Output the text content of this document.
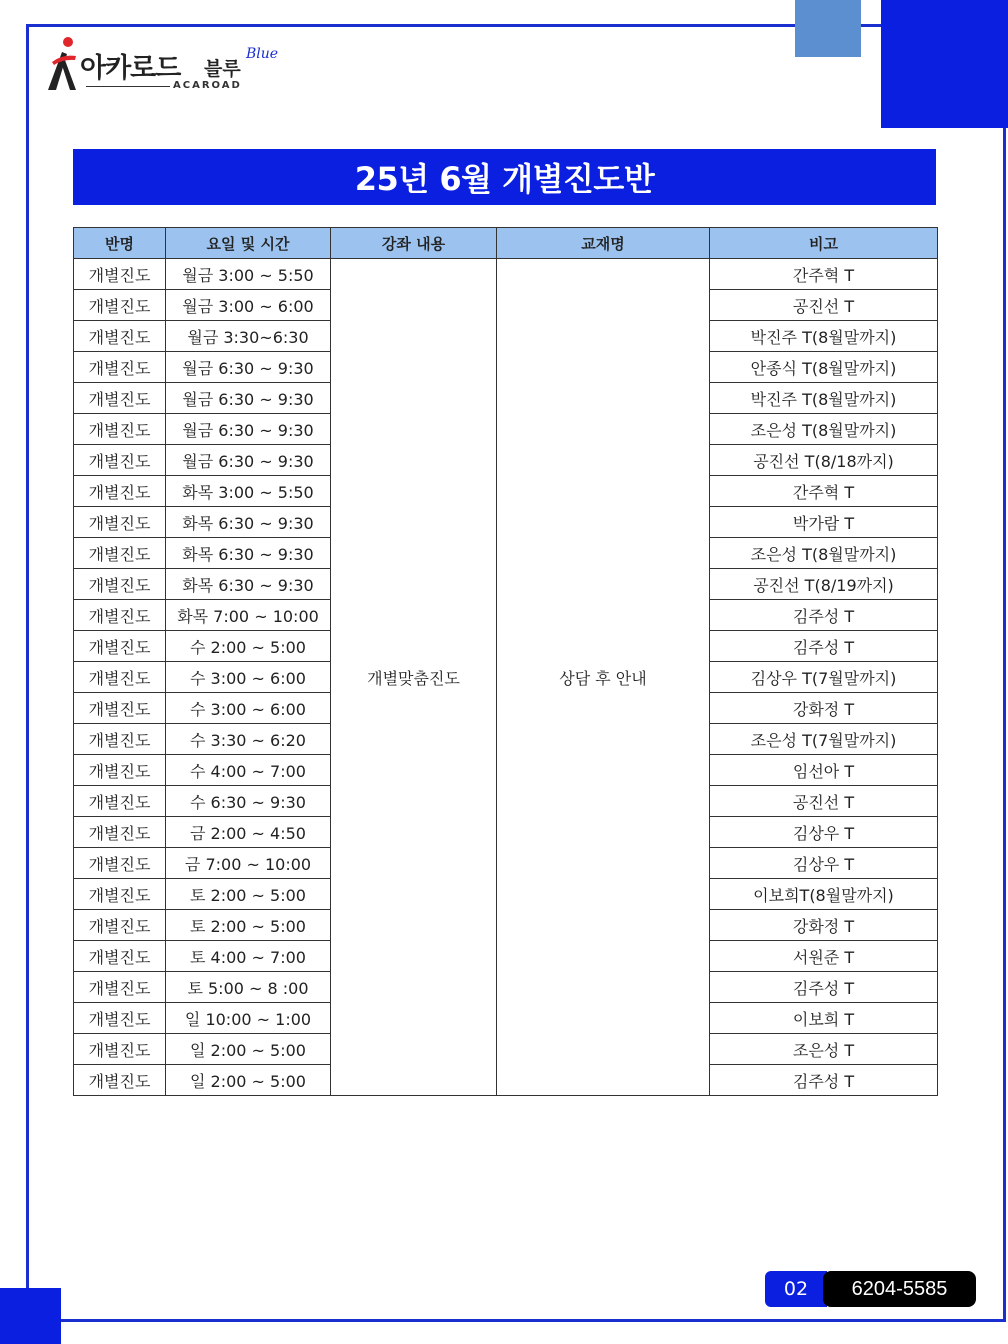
아카로드 블루
Blue
ACAROAD
25년 6월 개별진도반
반명	요일 및 시간	강좌 내용	교재명	비고
개별진도	월금 3:00 ~ 5:50	개별맞춤진도	상담 후 안내	간주혁 T
개별진도	월금 3:00 ~ 6:00			공진선 T
개별진도	월금 3:30~6:30			박진주 T(8월말까지)
개별진도	월금 6:30 ~ 9:30			안종식 T(8월말까지)
개별진도	월금 6:30 ~ 9:30			박진주 T(8월말까지)
개별진도	월금 6:30 ~ 9:30			조은성 T(8월말까지)
개별진도	월금 6:30 ~ 9:30			공진선 T(8/18까지)
개별진도	화목 3:00 ~ 5:50			간주혁 T
개별진도	화목 6:30 ~ 9:30			박가람 T
개별진도	화목 6:30 ~ 9:30			조은성 T(8월말까지)
개별진도	화목 6:30 ~ 9:30			공진선 T(8/19까지)
개별진도	화목 7:00 ~ 10:00			김주성 T
개별진도	수 2:00 ~ 5:00			김주성 T
개별진도	수 3:00 ~ 6:00			김상우 T(7월말까지)
개별진도	수 3:00 ~ 6:00			강화정 T
개별진도	수 3:30 ~ 6:20			조은성 T(7월말까지)
개별진도	수 4:00 ~ 7:00			임선아 T
개별진도	수 6:30 ~ 9:30			공진선 T
개별진도	금 2:00 ~ 4:50			김상우 T
개별진도	금 7:00 ~ 10:00			김상우 T
개별진도	토 2:00 ~ 5:00			이보희T(8월말까지)
개별진도	토 2:00 ~ 5:00			강화정 T
개별진도	토 4:00 ~ 7:00			서원준 T
개별진도	토 5:00 ~ 8 :00			김주성 T
개별진도	일 10:00 ~ 1:00			이보희 T
개별진도	일 2:00 ~ 5:00			조은성 T
개별진도	일 2:00 ~ 5:00			김주성 T
02	6204-5585
